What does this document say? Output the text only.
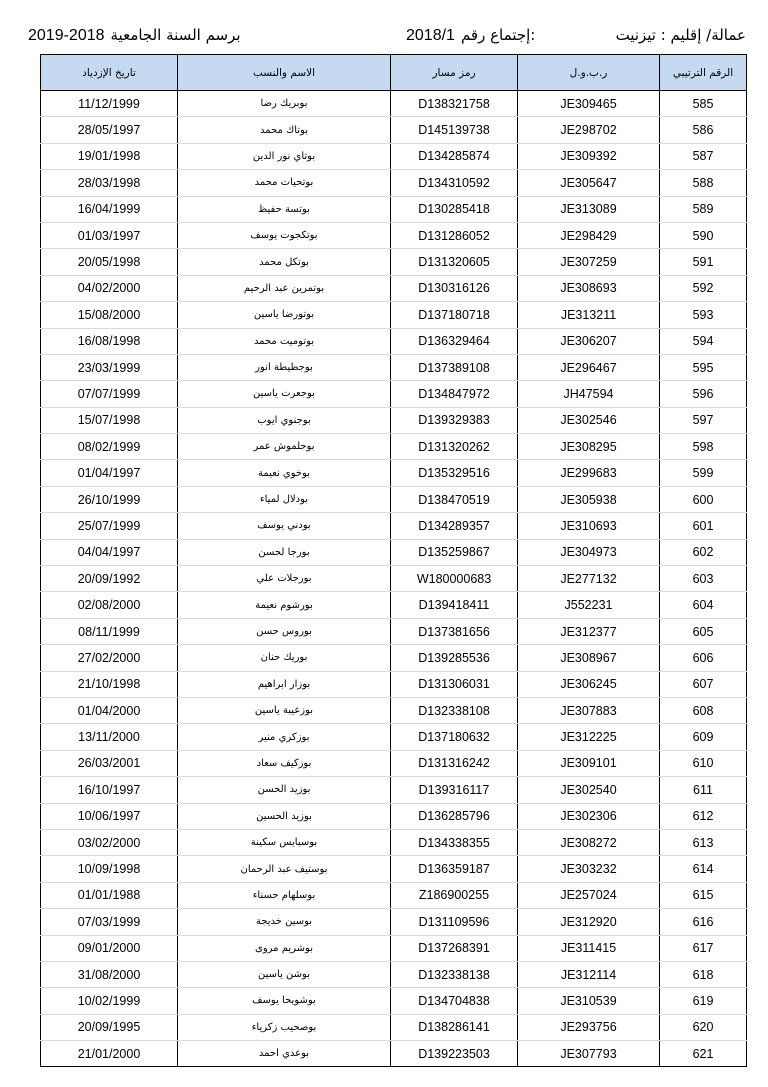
2019-2018 برسم السنة الجامعية	2018/1 إجتماع رقم:	عمالة/ إقليم : تيزنيت
تاريخ الإزدياد	الاسم والنسب	رمز مسار	ر.ب.و.ل	الرقم الترتيبي
11/12/1999	بوبريك رضا	D138321758	JE309465	585
28/05/1997	بوتاك محمد	D145139738	JE298702	586
19/01/1998	بوتاي نور الدين	D134285874	JE309392	587
28/03/1998	بوتحيات محمد	D134310592	JE305647	588
16/04/1999	بوتسة حفيظ	D130285418	JE313089	589
01/03/1997	بوتكجوت يوسف	D131286052	JE298429	590
20/05/1998	بوتكل محمد	D131320605	JE307259	591
04/02/2000	بوتمرين عبد الرحيم	D130316126	JE308693	592
15/08/2000	بوتورضا ياسين	D137180718	JE313211	593
16/08/1998	بوتوميت محمد	D136329464	JE306207	594
23/03/1999	بوجطيطة انور	D137389108	JE296467	595
07/07/1999	بوجعرت ياسين	D134847972	JH47594	596
15/07/1998	بوجنوي ايوب	D139329383	JE302546	597
08/02/1999	بوحلموش عمر	D131320262	JE308295	598
01/04/1997	بوخوي نعيمة	D135329516	JE299683	599
26/10/1999	بودلال لمياء	D138470519	JE305938	600
25/07/1999	بودني يوسف	D134289357	JE310693	601
04/04/1997	بورجا لحسن	D135259867	JE304973	602
20/09/1992	بورجلات علي	W180000683	JE277132	603
02/08/2000	بورشوم نعيمة	D139418411	J552231	604
08/11/1999	بوروس حسن	D137381656	JE312377	605
27/02/2000	بوريك حنان	D139285536	JE308967	606
21/10/1998	بوزار ابراهيم	D131306031	JE306245	607
01/04/2000	بوزعيبة ياسين	D132338108	JE307883	608
13/11/2000	بوزكري منير	D137180632	JE312225	609
26/03/2001	بوزكيف سعاد	D131316242	JE309101	610
16/10/1997	بوزيد الحسن	D139316117	JE302540	611
10/06/1997	بوزيد الحسين	D136285796	JE302306	612
03/02/2000	بوسبايس سكينة	D134338355	JE308272	613
10/09/1998	بوستيف عبد الرحمان	D136359187	JE303232	614
01/01/1988	بوسلهام حسناء	Z186900255	JE257024	615
07/03/1999	بوسين خديجة	D131109596	JE312920	616
09/01/2000	بوشريم مروى	D137268391	JE311415	617
31/08/2000	بوشن ياسين	D132338138	JE312114	618
10/02/1999	بوشويحا يوسف	D134704838	JE310539	619
20/09/1995	بوصحيب زكرياء	D138286141	JE293756	620
21/01/2000	بوعدي احمد	D139223503	JE307793	621
